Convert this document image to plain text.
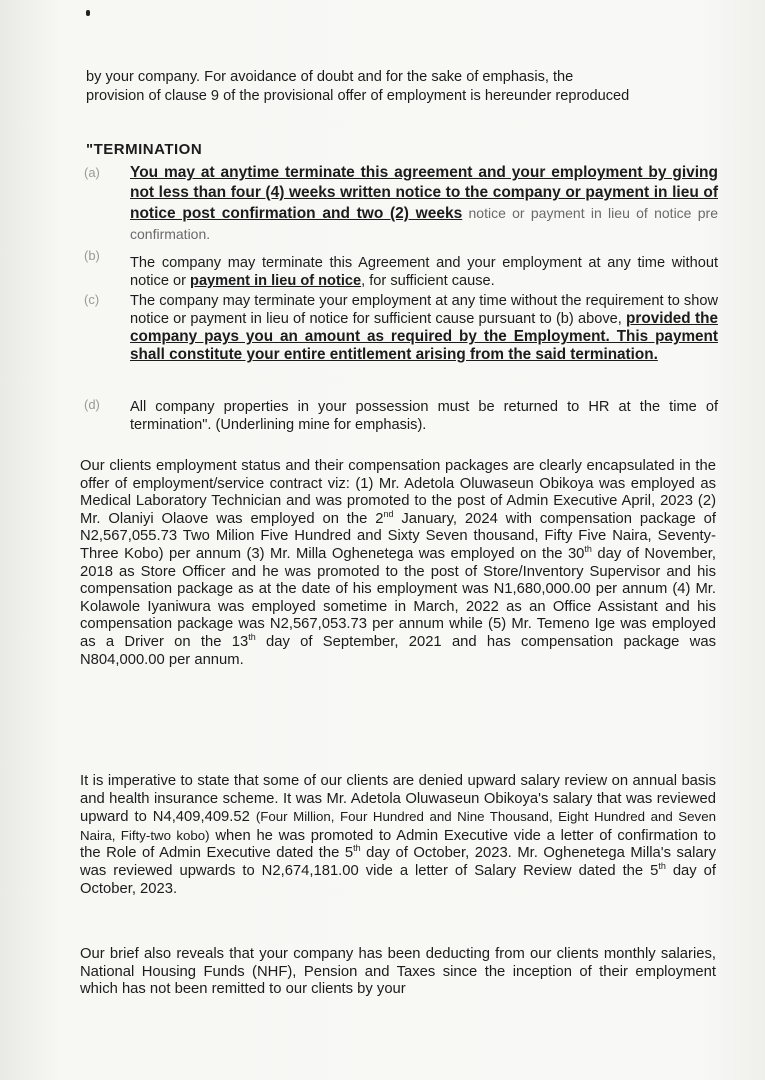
by your company. For avoidance of doubt and for the sake of emphasis, the
provision of clause 9 of the provisional offer of employment is hereunder reproduced
"TERMINATION
(a)	You may at anytime terminate this agreement and your employment by giving not less than four (4) weeks written notice to the company or payment in lieu of notice post confirmation and two (2) weeks notice or payment in lieu of notice pre confirmation.
(b)	The company may terminate this Agreement and your employment at any time without notice or payment in lieu of notice, for sufficient cause.
(c)	The company may terminate your employment at any time without the requirement to show notice or payment in lieu of notice for sufficient cause pursuant to (b) above, provided the company pays you an amount as required by the Employment. This payment shall constitute your entire entitlement arising from the said termination.
(d)	All company properties in your possession must be returned to HR at the time of termination". (Underlining mine for emphasis).
Our clients employment status and their compensation packages are clearly encapsulated in the offer of employment/service contract viz: (1) Mr. Adetola Oluwaseun Obikoya was employed as Medical Laboratory Technician and was promoted to the post of Admin Executive April, 2023 (2) Mr. Olaniyi Olaove was employed on the 2nd January, 2024 with compensation package of N2,567,055.73 Two Milion Five Hundred and Sixty Seven thousand, Fifty Five Naira, Seventy-Three Kobo) per annum (3) Mr. Milla Oghenetega was employed on the 30th day of November, 2018 as Store Officer and he was promoted to the post of Store/Inventory Supervisor and his compensation package as at the date of his employment was N1,680,000.00 per annum (4) Mr. Kolawole Iyaniwura was employed sometime in March, 2022 as an Office Assistant and his compensation package was N2,567,053.73 per annum while (5) Mr. Temeno Ige was employed as a Driver on the 13th day of September, 2021 and has compensation package was N804,000.00 per annum.
It is imperative to state that some of our clients are denied upward salary review on annual basis and health insurance scheme. It was Mr. Adetola Oluwaseun Obikoya's salary that was reviewed upward to N4,409,409.52 (Four Million, Four Hundred and Nine Thousand, Eight Hundred and Seven Naira, Fifty-two kobo) when he was promoted to Admin Executive vide a letter of confirmation to the Role of Admin Executive dated the 5th day of October, 2023. Mr. Oghenetega Milla's salary was reviewed upwards to N2,674,181.00 vide a letter of Salary Review dated the 5th day of October, 2023.
Our brief also reveals that your company has been deducting from our clients monthly salaries, National Housing Funds (NHF), Pension and Taxes since the inception of their employment which has not been remitted to our clients by your
